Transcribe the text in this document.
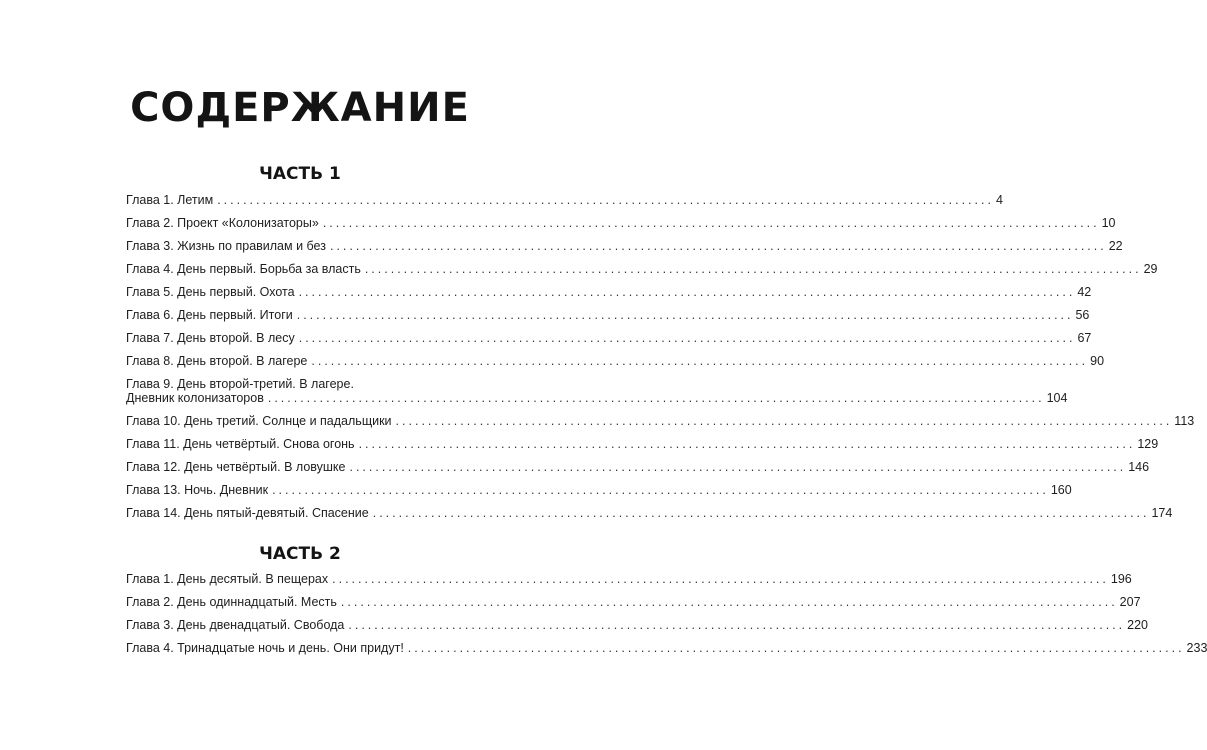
СОДЕРЖАНИЕ
ЧАСТЬ 1
Глава 1. Летим ........................................................................................................................ 4
Глава 2. Проект «Колонизаторы» ........................................................................................................................ 10
Глава 3. Жизнь по правилам и без ........................................................................................................................ 22
Глава 4. День первый. Борьба за власть ........................................................................................................................ 29
Глава 5. День первый. Охота ........................................................................................................................ 42
Глава 6. День первый. Итоги ........................................................................................................................ 56
Глава 7. День второй. В лесу ........................................................................................................................ 67
Глава 8. День второй. В лагере ........................................................................................................................ 90
Глава 9. День второй-третий. В лагере.
Дневник колонизаторов ........................................................................................................................ 104
Глава 10. День третий. Солнце и падальщики ........................................................................................................................ 113
Глава 11. День четвёртый. Снова огонь ........................................................................................................................ 129
Глава 12. День четвёртый. В ловушке ........................................................................................................................ 146
Глава 13. Ночь. Дневник ........................................................................................................................ 160
Глава 14. День пятый-девятый. Спасение ........................................................................................................................ 174
ЧАСТЬ 2
Глава 1. День десятый. В пещерах ........................................................................................................................ 196
Глава 2. День одиннадцатый. Месть ........................................................................................................................ 207
Глава 3. День двенадцатый. Свобода ........................................................................................................................ 220
Глава 4. Тринадцатые ночь и день. Они придут! ........................................................................................................................ 233
